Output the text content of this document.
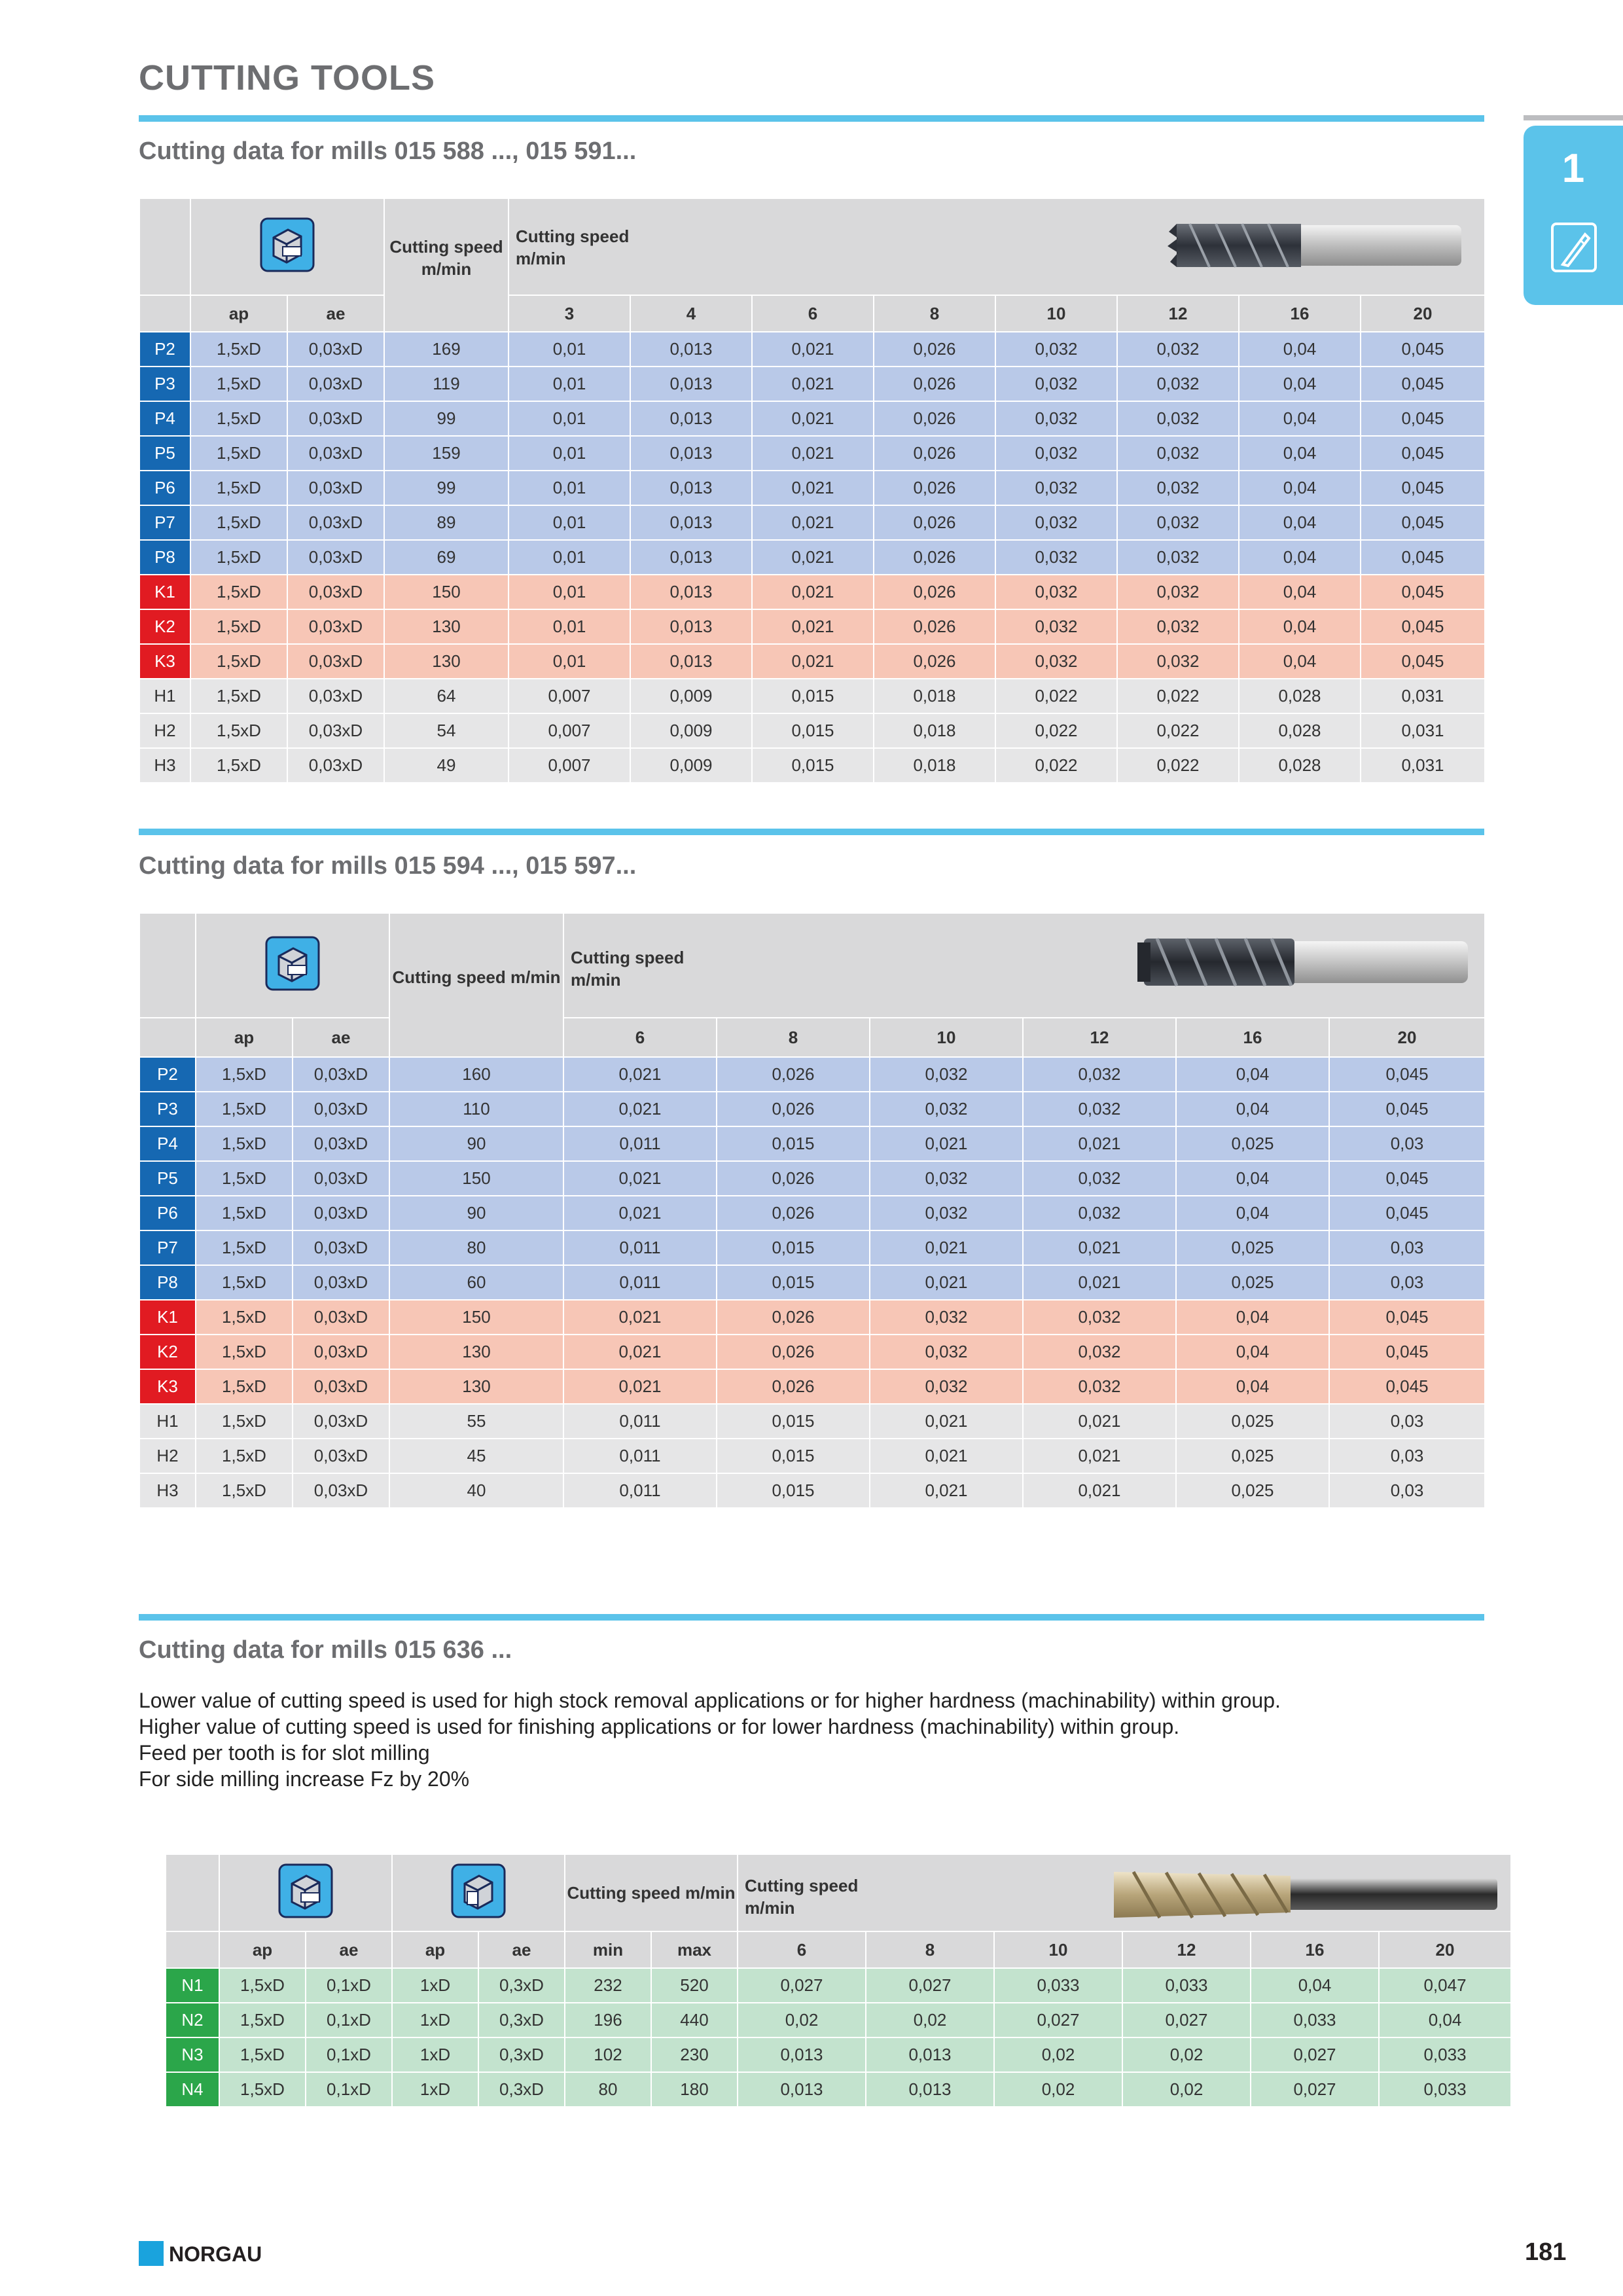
CUTTING TOOLS
1
Cutting data for mills 015 588 ..., 015 591...
		Cutting speed m/min	Cutting speed m/min							

	ap	ae		3	4	6	8	10	12	16	20
P2	1,5xD	0,03xD	169	0,01	0,013	0,021	0,026	0,032	0,032	0,04	0,045
P3	1,5xD	0,03xD	119	0,01	0,013	0,021	0,026	0,032	0,032	0,04	0,045
P4	1,5xD	0,03xD	99	0,01	0,013	0,021	0,026	0,032	0,032	0,04	0,045
P5	1,5xD	0,03xD	159	0,01	0,013	0,021	0,026	0,032	0,032	0,04	0,045
P6	1,5xD	0,03xD	99	0,01	0,013	0,021	0,026	0,032	0,032	0,04	0,045
P7	1,5xD	0,03xD	89	0,01	0,013	0,021	0,026	0,032	0,032	0,04	0,045
P8	1,5xD	0,03xD	69	0,01	0,013	0,021	0,026	0,032	0,032	0,04	0,045
K1	1,5xD	0,03xD	150	0,01	0,013	0,021	0,026	0,032	0,032	0,04	0,045
K2	1,5xD	0,03xD	130	0,01	0,013	0,021	0,026	0,032	0,032	0,04	0,045
K3	1,5xD	0,03xD	130	0,01	0,013	0,021	0,026	0,032	0,032	0,04	0,045
H1	1,5xD	0,03xD	64	0,007	0,009	0,015	0,018	0,022	0,022	0,028	0,031
H2	1,5xD	0,03xD	54	0,007	0,009	0,015	0,018	0,022	0,022	0,028	0,031
H3	1,5xD	0,03xD	49	0,007	0,009	0,015	0,018	0,022	0,022	0,028	0,031
Cutting data for mills 015 594 ..., 015 597...
		Cutting speed m/min	Cutting speed m/min					

	ap	ae		6	8	10	12	16	20
P2	1,5xD	0,03xD	160	0,021	0,026	0,032	0,032	0,04	0,045
P3	1,5xD	0,03xD	110	0,021	0,026	0,032	0,032	0,04	0,045
P4	1,5xD	0,03xD	90	0,011	0,015	0,021	0,021	0,025	0,03
P5	1,5xD	0,03xD	150	0,021	0,026	0,032	0,032	0,04	0,045
P6	1,5xD	0,03xD	90	0,021	0,026	0,032	0,032	0,04	0,045
P7	1,5xD	0,03xD	80	0,011	0,015	0,021	0,021	0,025	0,03
P8	1,5xD	0,03xD	60	0,011	0,015	0,021	0,021	0,025	0,03
K1	1,5xD	0,03xD	150	0,021	0,026	0,032	0,032	0,04	0,045
K2	1,5xD	0,03xD	130	0,021	0,026	0,032	0,032	0,04	0,045
K3	1,5xD	0,03xD	130	0,021	0,026	0,032	0,032	0,04	0,045
H1	1,5xD	0,03xD	55	0,011	0,015	0,021	0,021	0,025	0,03
H2	1,5xD	0,03xD	45	0,011	0,015	0,021	0,021	0,025	0,03
H3	1,5xD	0,03xD	40	0,011	0,015	0,021	0,021	0,025	0,03
Cutting data for mills 015 636 ...
Lower value of cutting speed is used for high stock removal applications or for higher hardness (machinability) within group.
Higher value of cutting speed is used for finishing applications or for lower hardness (machinability) within group.
Feed per tooth is for slot milling
For side milling increase Fz by 20%
			Cutting speed m/min		Cutting speed m/min					

	ap	ae	ap	ae	min	max	6	8	10	12	16	20
N1	1,5xD	0,1xD	1xD	0,3xD	232	520	0,027	0,027	0,033	0,033	0,04	0,047
N2	1,5xD	0,1xD	1xD	0,3xD	196	440	0,02	0,02	0,027	0,027	0,033	0,04
N3	1,5xD	0,1xD	1xD	0,3xD	102	230	0,013	0,013	0,02	0,02	0,027	0,033
N4	1,5xD	0,1xD	1xD	0,3xD	80	180	0,013	0,013	0,02	0,02	0,027	0,033
NORGAU	181
